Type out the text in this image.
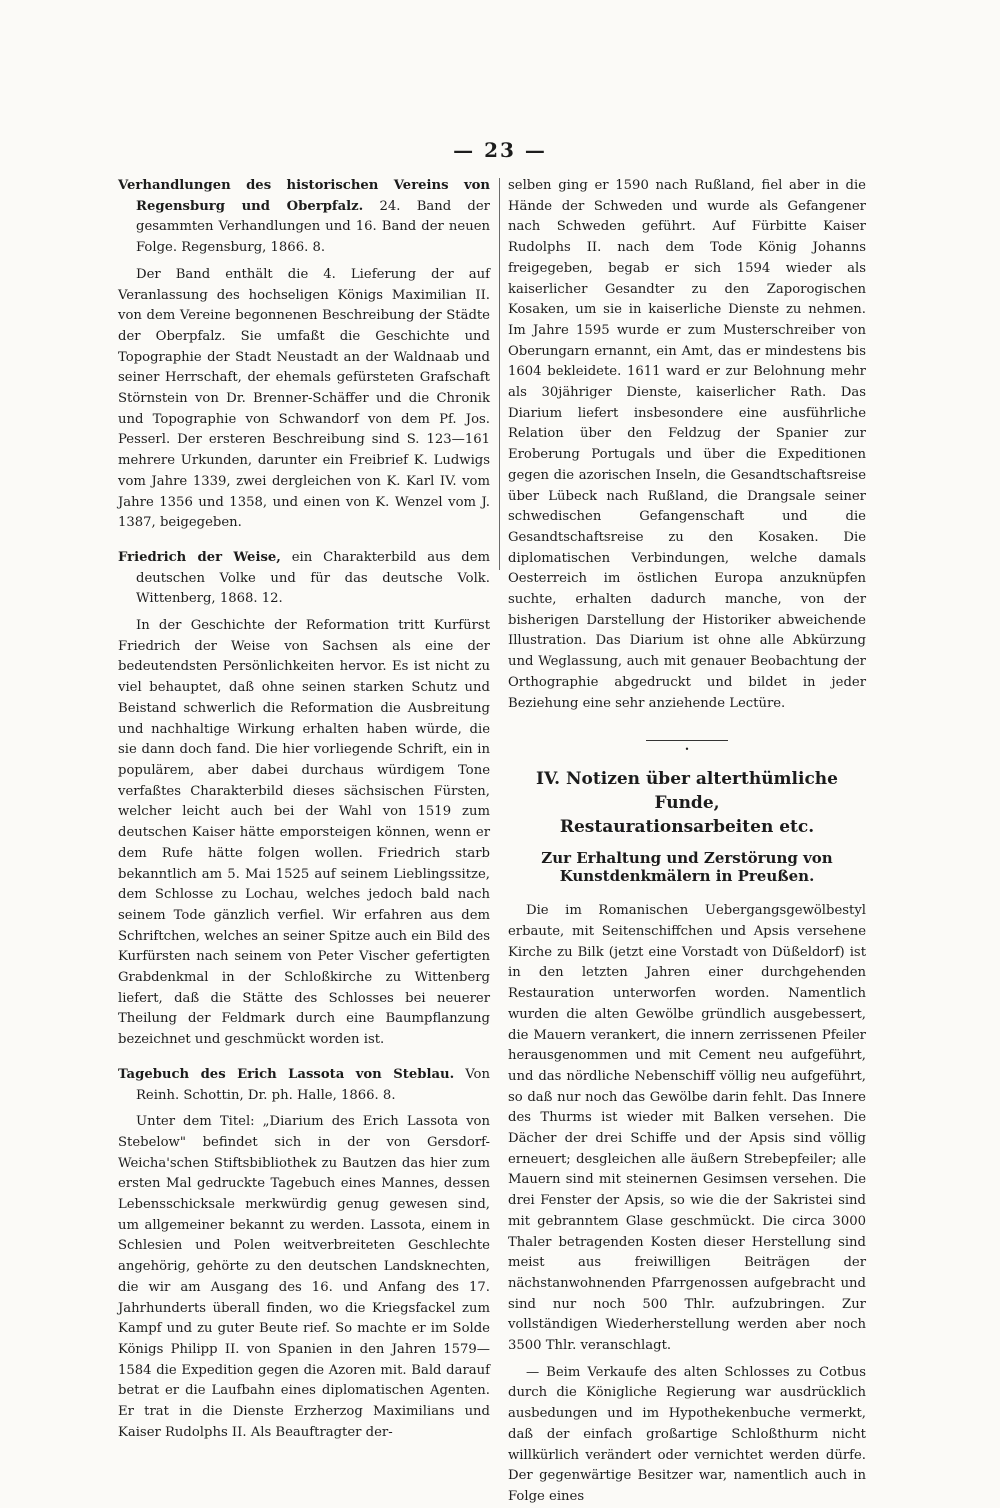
— 23 —

Verhandlungen des historischen Vereins von Regensburg und Oberpfalz. 24. Band der gesammten Verhandlungen und 16. Band der neuen Folge. Regensburg, 1866. 8.

Der Band enthält die 4. Lieferung der auf Veranlassung des hochseligen Königs Maximilian II. von dem Vereine begonnenen Beschreibung der Städte der Oberpfalz. Sie umfaßt die Geschichte und Topographie der Stadt Neustadt an der Waldnaab und seiner Herrschaft, der ehemals gefürsteten Grafschaft Störnstein von Dr. Brenner-Schäffer und die Chronik und Topographie von Schwandorf von dem Pf. Jos. Pesserl. Der ersteren Beschreibung sind S. 123—161 mehrere Urkunden, darunter ein Freibrief K. Ludwigs vom Jahre 1339, zwei dergleichen von K. Karl IV. vom Jahre 1356 und 1358, und einen von K. Wenzel vom J. 1387, beigegeben.

Friedrich der Weise, ein Charakterbild aus dem deutschen Volke und für das deutsche Volk. Wittenberg, 1868. 12.

In der Geschichte der Reformation tritt Kurfürst Friedrich der Weise von Sachsen als eine der bedeutendsten Persönlichkeiten hervor. Es ist nicht zu viel behauptet, daß ohne seinen starken Schutz und Beistand schwerlich die Reformation die Ausbreitung und nachhaltige Wirkung erhalten haben würde, die sie dann doch fand. Die hier vorliegende Schrift, ein in populärem, aber dabei durchaus würdigem Tone verfaßtes Charakterbild dieses sächsischen Fürsten, welcher leicht auch bei der Wahl von 1519 zum deutschen Kaiser hätte emporsteigen können, wenn er dem Rufe hätte folgen wollen. Friedrich starb bekanntlich am 5. Mai 1525 auf seinem Lieblingssitze, dem Schlosse zu Lochau, welches jedoch bald nach seinem Tode gänzlich verfiel. Wir erfahren aus dem Schriftchen, welches an seiner Spitze auch ein Bild des Kurfürsten nach seinem von Peter Vischer gefertigten Grabdenkmal in der Schloßkirche zu Wittenberg liefert, daß die Stätte des Schlosses bei neuerer Theilung der Feldmark durch eine Baumpflanzung bezeichnet und geschmückt worden ist.

Tagebuch des Erich Lassota von Steblau. Von Reinh. Schottin, Dr. ph. Halle, 1866. 8.

Unter dem Titel: „Diarium des Erich Lassota von Stebelow" befindet sich in der von Gersdorf-Weicha'schen Stiftsbibliothek zu Bautzen das hier zum ersten Mal gedruckte Tagebuch eines Mannes, dessen Lebensschicksale merkwürdig genug gewesen sind, um allgemeiner bekannt zu werden. Lassota, einem in Schlesien und Polen weitverbreiteten Geschlechte angehörig, gehörte zu den deutschen Landsknechten, die wir am Ausgang des 16. und Anfang des 17. Jahrhunderts überall finden, wo die Kriegsfackel zum Kampf und zu guter Beute rief. So machte er im Solde Königs Philipp II. von Spanien in den Jahren 1579—1584 die Expedition gegen die Azoren mit. Bald darauf betrat er die Laufbahn eines diplomatischen Agenten. Er trat in die Dienste Erzherzog Maximilians und Kaiser Rudolphs II. Als Beauftragter der-

selben ging er 1590 nach Rußland, fiel aber in die Hände der Schweden und wurde als Gefangener nach Schweden geführt. Auf Fürbitte Kaiser Rudolphs II. nach dem Tode König Johanns freigegeben, begab er sich 1594 wieder als kaiserlicher Gesandter zu den Zaporogischen Kosaken, um sie in kaiserliche Dienste zu nehmen. Im Jahre 1595 wurde er zum Musterschreiber von Oberungarn ernannt, ein Amt, das er mindestens bis 1604 bekleidete. 1611 ward er zur Belohnung mehr als 30jähriger Dienste, kaiserlicher Rath. Das Diarium liefert insbesondere eine ausführliche Relation über den Feldzug der Spanier zur Eroberung Portugals und über die Expeditionen gegen die azorischen Inseln, die Gesandtschaftsreise über Lübeck nach Rußland, die Drangsale seiner schwedischen Gefangenschaft und die Gesandtschaftsreise zu den Kosaken. Die diplomatischen Verbindungen, welche damals Oesterreich im östlichen Europa anzuknüpfen suchte, erhalten dadurch manche, von der bisherigen Darstellung der Historiker abweichende Illustration. Das Diarium ist ohne alle Abkürzung und Weglassung, auch mit genauer Beobachtung der Orthographie abgedruckt und bildet in jeder Beziehung eine sehr anziehende Lectüre.

•
IV. Notizen über alterthümliche Funde,
Restaurationsarbeiten etc.
Zur Erhaltung und Zerstörung von Kunstdenkmälern in Preußen.

Die im Romanischen Uebergangsgewölbestyl erbaute, mit Seitenschiffchen und Apsis versehene Kirche zu Bilk (jetzt eine Vorstadt von Düßeldorf) ist in den letzten Jahren einer durchgehenden Restauration unterworfen worden. Namentlich wurden die alten Gewölbe gründlich ausgebessert, die Mauern verankert, die innern zerrissenen Pfeiler herausgenommen und mit Cement neu aufgeführt, und das nördliche Nebenschiff völlig neu aufgeführt, so daß nur noch das Gewölbe darin fehlt. Das Innere des Thurms ist wieder mit Balken versehen. Die Dächer der drei Schiffe und der Apsis sind völlig erneuert; desgleichen alle äußern Strebepfeiler; alle Mauern sind mit steinernen Gesimsen versehen. Die drei Fenster der Apsis, so wie die der Sakristei sind mit gebranntem Glase geschmückt. Die circa 3000 Thaler betragenden Kosten dieser Herstellung sind meist aus freiwilligen Beiträgen der nächstanwohnenden Pfarrgenossen aufgebracht und sind nur noch 500 Thlr. aufzubringen. Zur vollständigen Wiederherstellung werden aber noch 3500 Thlr. veranschlagt.

— Beim Verkaufe des alten Schlosses zu Cotbus durch die Königliche Regierung war ausdrücklich ausbedungen und im Hypothekenbuche vermerkt, daß der einfach großartige Schloßthurm nicht willkürlich verändert oder vernichtet werden dürfe. Der gegenwärtige Besitzer war, namentlich auch in Folge eines
